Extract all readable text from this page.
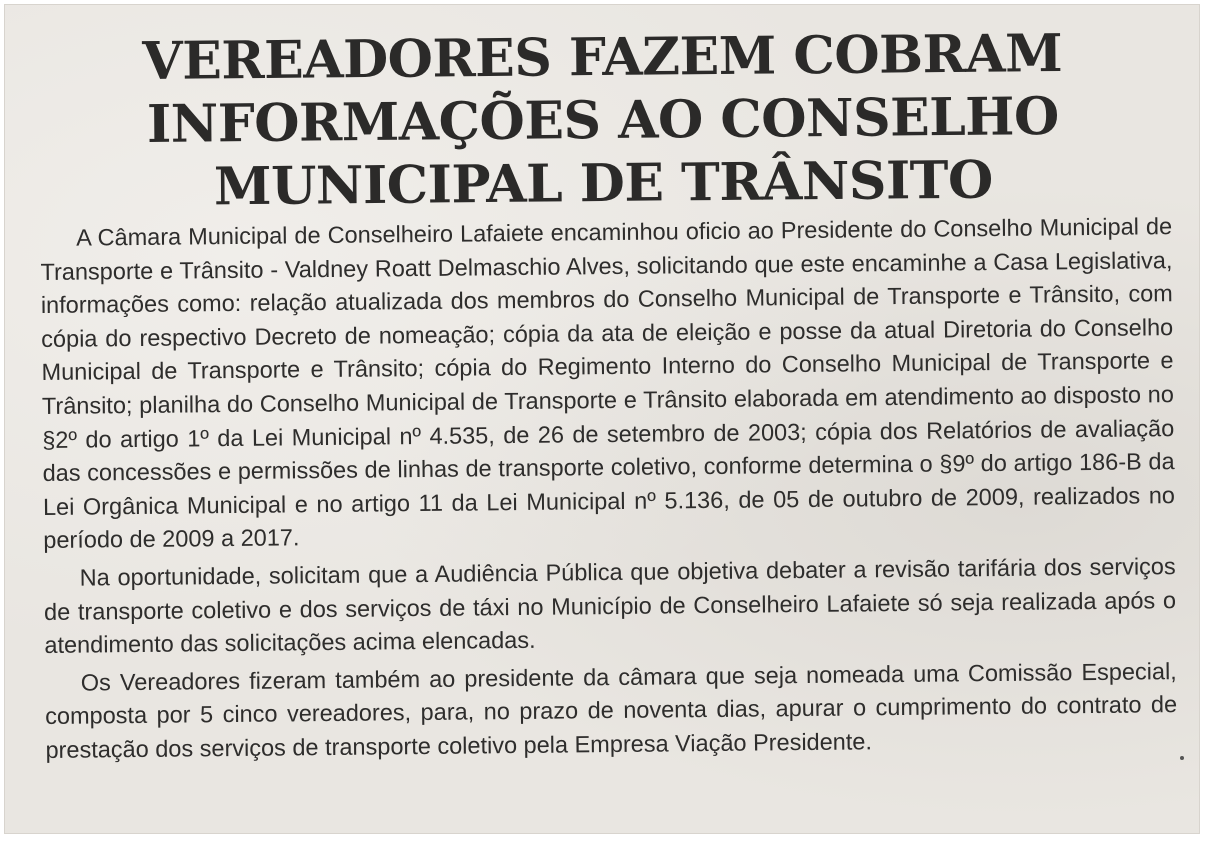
VEREADORES FAZEM COBRAM
INFORMAÇÕES AO CONSELHO
MUNICIPAL DE TRÂNSITO

A Câmara Municipal de Conselheiro Lafaiete encaminhou oficio ao Presidente do Conselho Municipal de Transporte e Trânsito - Valdney Roatt Delmaschio Alves, solicitando que este encaminhe a Casa Legislativa, informações como: relação atualizada dos membros do Conselho Municipal de Transporte e Trânsito, com cópia do respectivo Decreto de nomeação; cópia da ata de eleição e posse da atual Diretoria do Conselho Municipal de Transporte e Trânsito; cópia do Regimento Interno do Conselho Municipal de Transporte e Trânsito; planilha do Conselho Municipal de Transporte e Trânsito elaborada em atendimento ao disposto no §2º do artigo 1º da Lei Municipal nº 4.535, de 26 de setembro de 2003; cópia dos Relatórios de avaliação das concessões e permissões de linhas de transporte coletivo, conforme determina o §9º do artigo 186-B da Lei Orgânica Municipal e no artigo 11 da Lei Municipal nº 5.136, de 05 de outubro de 2009, realizados no período de 2009 a 2017.

Na oportunidade, solicitam que a Audiência Pública que objetiva debater a revisão tarifária dos serviços de transporte coletivo e dos serviços de táxi no Município de Conselheiro Lafaiete só seja realizada após o atendimento das solicitações acima elencadas.

Os Vereadores fizeram também ao presidente da câmara que seja nomeada uma Comissão Especial, composta por 5 cinco vereadores, para, no prazo de noventa dias, apurar o cumprimento do contrato de prestação dos serviços de transporte coletivo pela Empresa Viação Presidente.
